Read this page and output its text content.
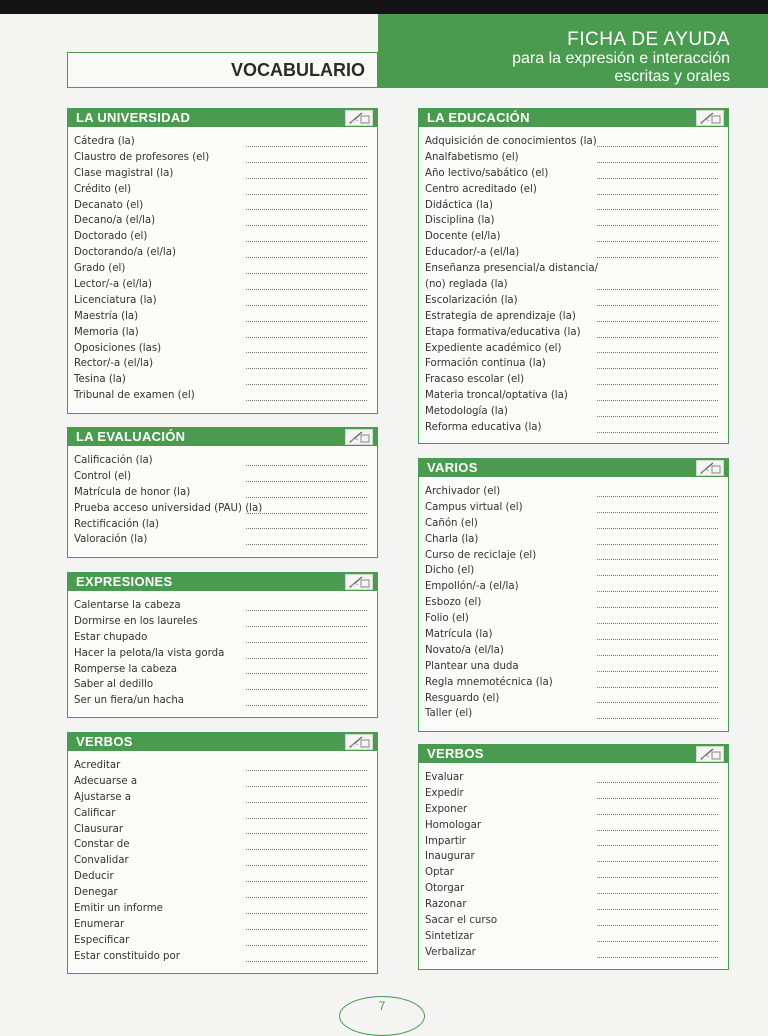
FICHA DE AYUDA
para la expresión e interacción
escritas y orales
VOCABULARIO
LA UNIVERSIDAD
Cátedra (la)
Claustro de profesores (el)
Clase magistral (la)
Crédito (el)
Decanato (el)
Decano/a (el/la)
Doctorado (el)
Doctorando/a (el/la)
Grado (el)
Lector/-a (el/la)
Licenciatura (la)
Maestría (la)
Memoria (la)
Oposiciones (las)
Rector/-a (el/la)
Tesina (la)
Tribunal de examen (el)
LA EVALUACIÓN
Calificación (la)
Control (el)
Matrícula de honor (la)
Prueba acceso universidad (PAU) (la)
Rectificación (la)
Valoración (la)
EXPRESIONES
Calentarse la cabeza
Dormirse en los laureles
Estar chupado
Hacer la pelota/la vista gorda
Romperse la cabeza
Saber al dedillo
Ser un fiera/un hacha
VERBOS
Acreditar
Adecuarse a
Ajustarse a
Calificar
Clausurar
Constar de
Convalidar
Deducir
Denegar
Emitir un informe
Enumerar
Especificar
Estar constituido por
LA EDUCACIÓN
Adquisición de conocimientos (la)
Analfabetismo (el)
Año lectivo/sabático (el)
Centro acreditado (el)
Didáctica (la)
Disciplina (la)
Docente (el/la)
Educador/-a (el/la)
Enseñanza presencial/a distancia/
(no) reglada (la)
Escolarización (la)
Estrategia de aprendizaje (la)
Etapa formativa/educativa (la)
Expediente académico (el)
Formación continua (la)
Fracaso escolar (el)
Materia troncal/optativa (la)
Metodología (la)
Reforma educativa (la)
VARIOS
Archivador (el)
Campus virtual (el)
Cañón (el)
Charla (la)
Curso de reciclaje (el)
Dicho (el)
Empollón/-a (el/la)
Esbozo (el)
Folio (el)
Matrícula (la)
Novato/a (el/la)
Plantear una duda
Regla mnemotécnica (la)
Resguardo (el)
Taller (el)
VERBOS
Evaluar
Expedir
Exponer
Homologar
Impartir
Inaugurar
Optar
Otorgar
Razonar
Sacar el curso
Sintetizar
Verbalizar
7
